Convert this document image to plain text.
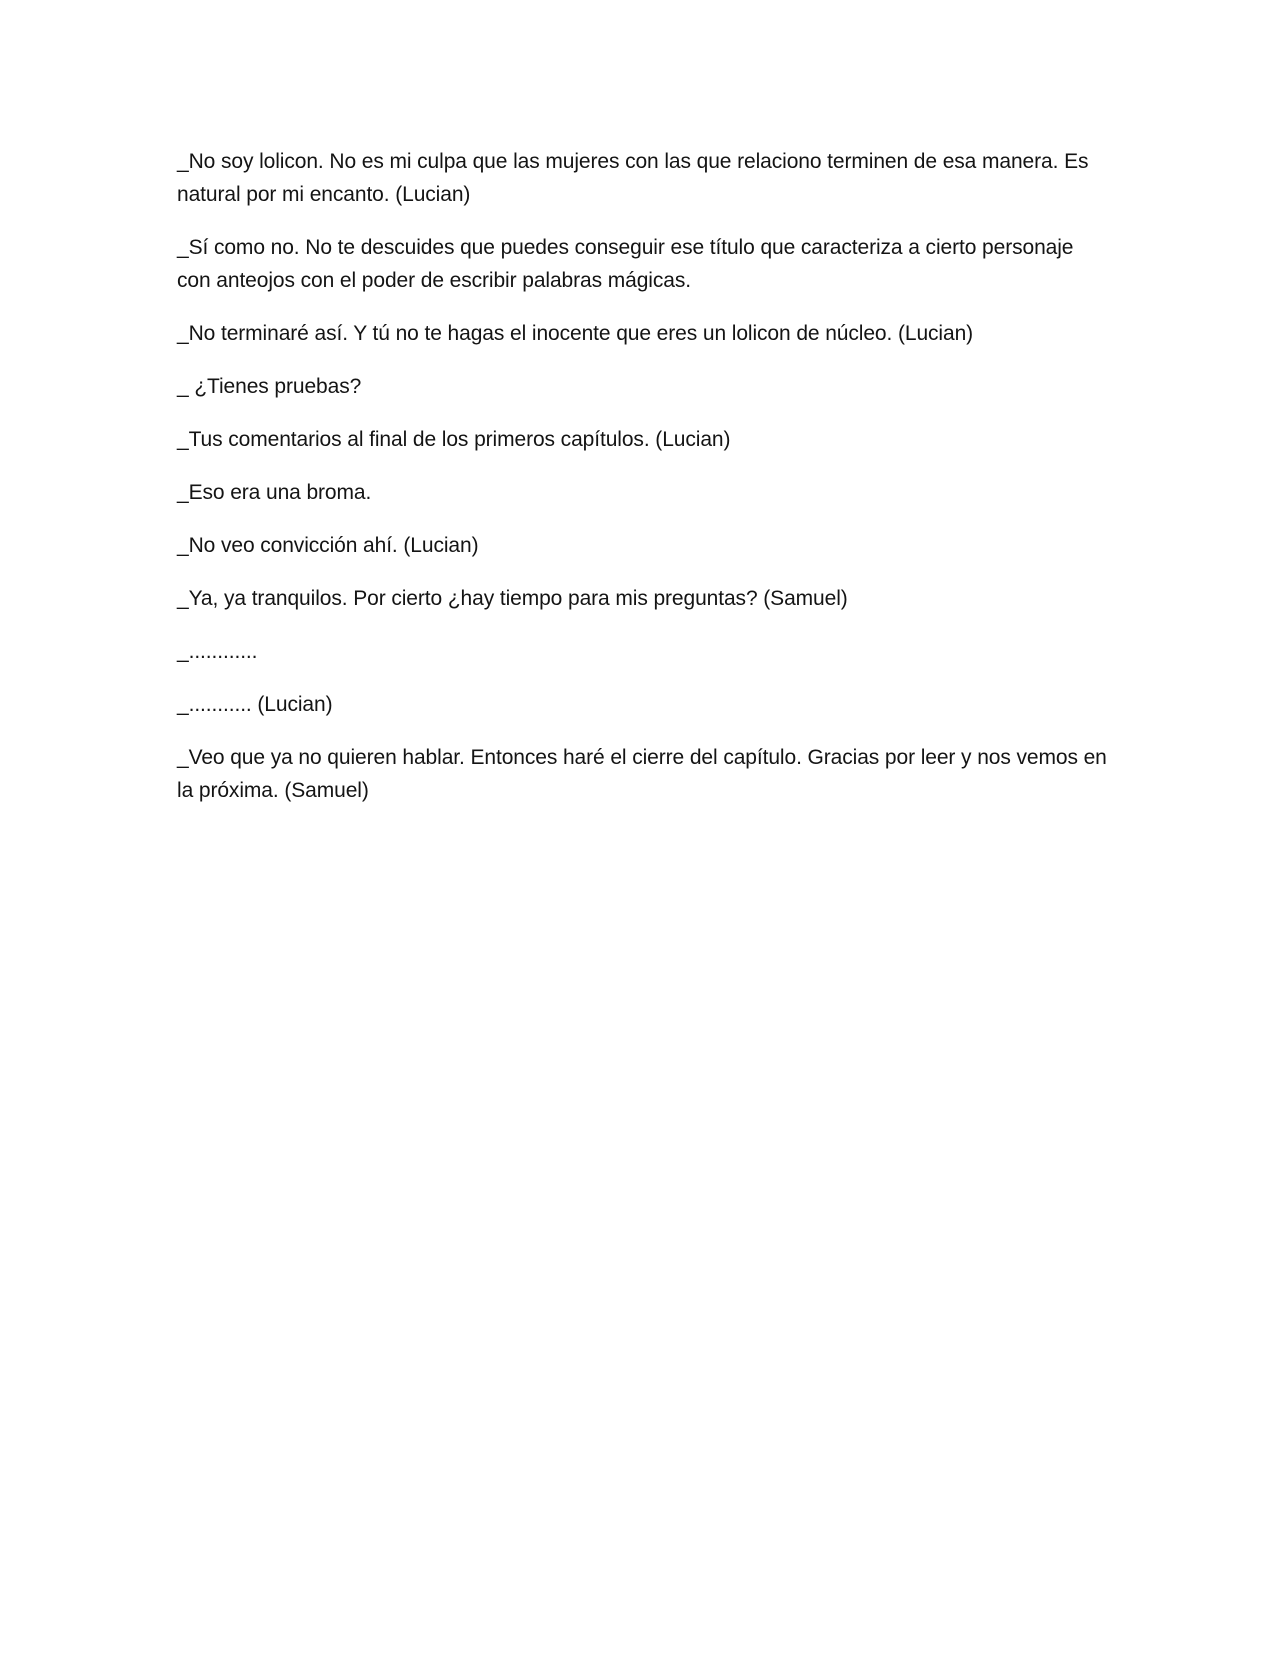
_No soy lolicon. No es mi culpa que las mujeres con las que relaciono terminen de esa manera. Es natural por mi encanto. (Lucian)

_Sí como no. No te descuides que puedes conseguir ese título que caracteriza a cierto personaje con anteojos con el poder de escribir palabras mágicas.

_No terminaré así. Y tú no te hagas el inocente que eres un lolicon de núcleo. (Lucian)

_ ¿Tienes pruebas?

_Tus comentarios al final de los primeros capítulos. (Lucian)

_Eso era una broma.

_No veo convicción ahí. (Lucian)

_Ya, ya tranquilos. Por cierto ¿hay tiempo para mis preguntas? (Samuel)

_............

_........... (Lucian)

_Veo que ya no quieren hablar. Entonces haré el cierre del capítulo. Gracias por leer y nos vemos en la próxima. (Samuel)
